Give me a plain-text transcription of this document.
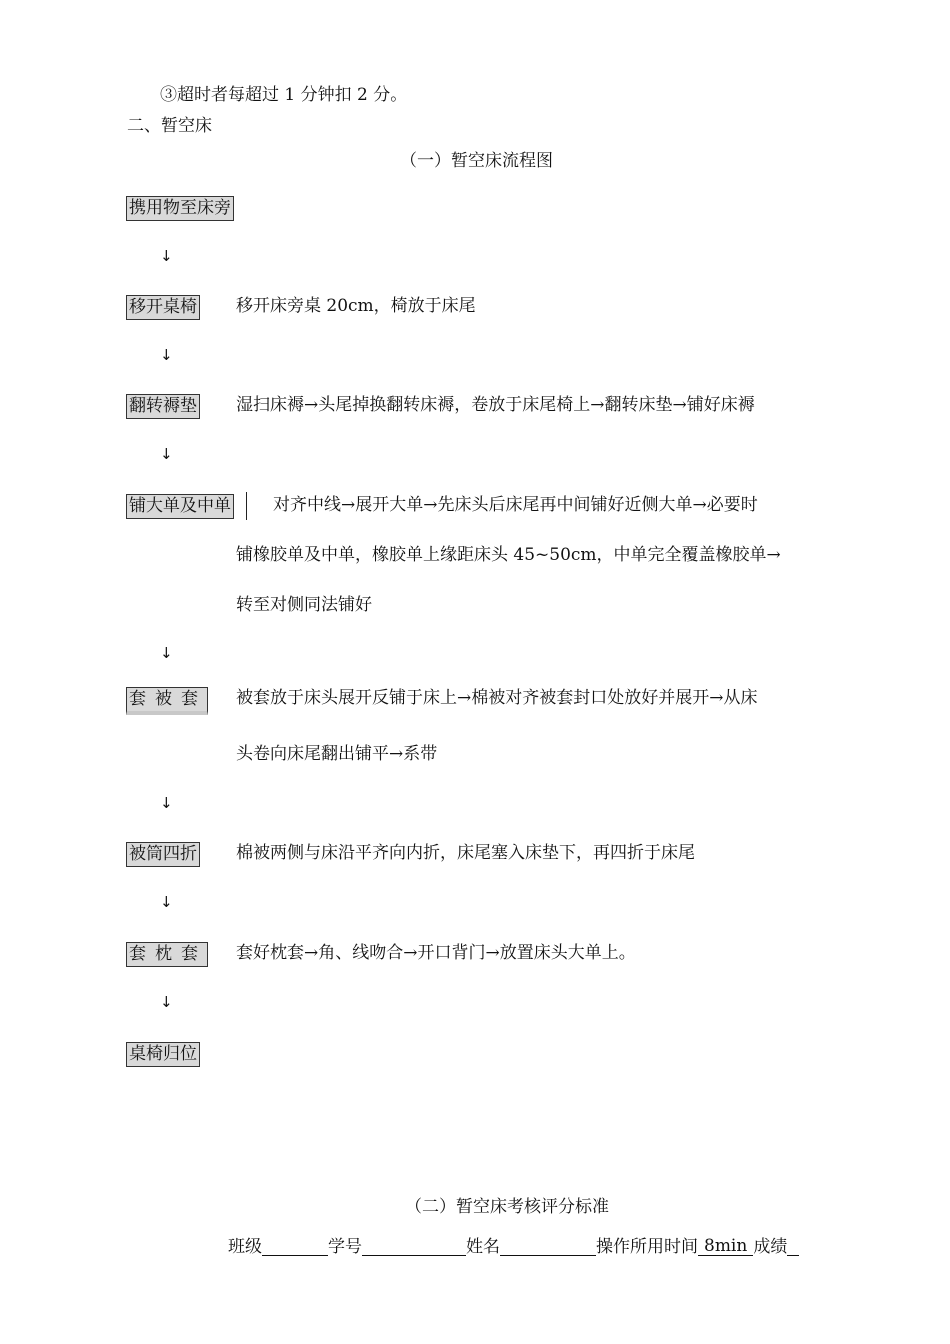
③超时者每超过 1 分钟扣 2 分。
二、暂空床
（一）暂空床流程图
携用物至床旁
↓
移开桌椅 移开床旁桌 20cm，椅放于床尾
↓
翻转褥垫 湿扫床褥→头尾掉换翻转床褥，卷放于床尾椅上→翻转床垫→铺好床褥
↓
铺大单及中单 对齐中线→展开大单→先床头后床尾再中间铺好近侧大单→必要时
铺橡胶单及中单，橡胶单上缘距床头 45~50cm，中单完全覆盖橡胶单→
转至对侧同法铺好
↓
套被套 被套放于床头展开反铺于床上→棉被对齐被套封口处放好并展开→从床
头卷向床尾翻出铺平→系带
↓
被筒四折 棉被两侧与床沿平齐向内折，床尾塞入床垫下，再四折于床尾
↓
套枕套 套好枕套→角、线吻合→开口背门→放置床头大单上。
↓
桌椅归位
（二）暂空床考核评分标准
班级	学号	姓名	操作所用时间 8min 成绩
